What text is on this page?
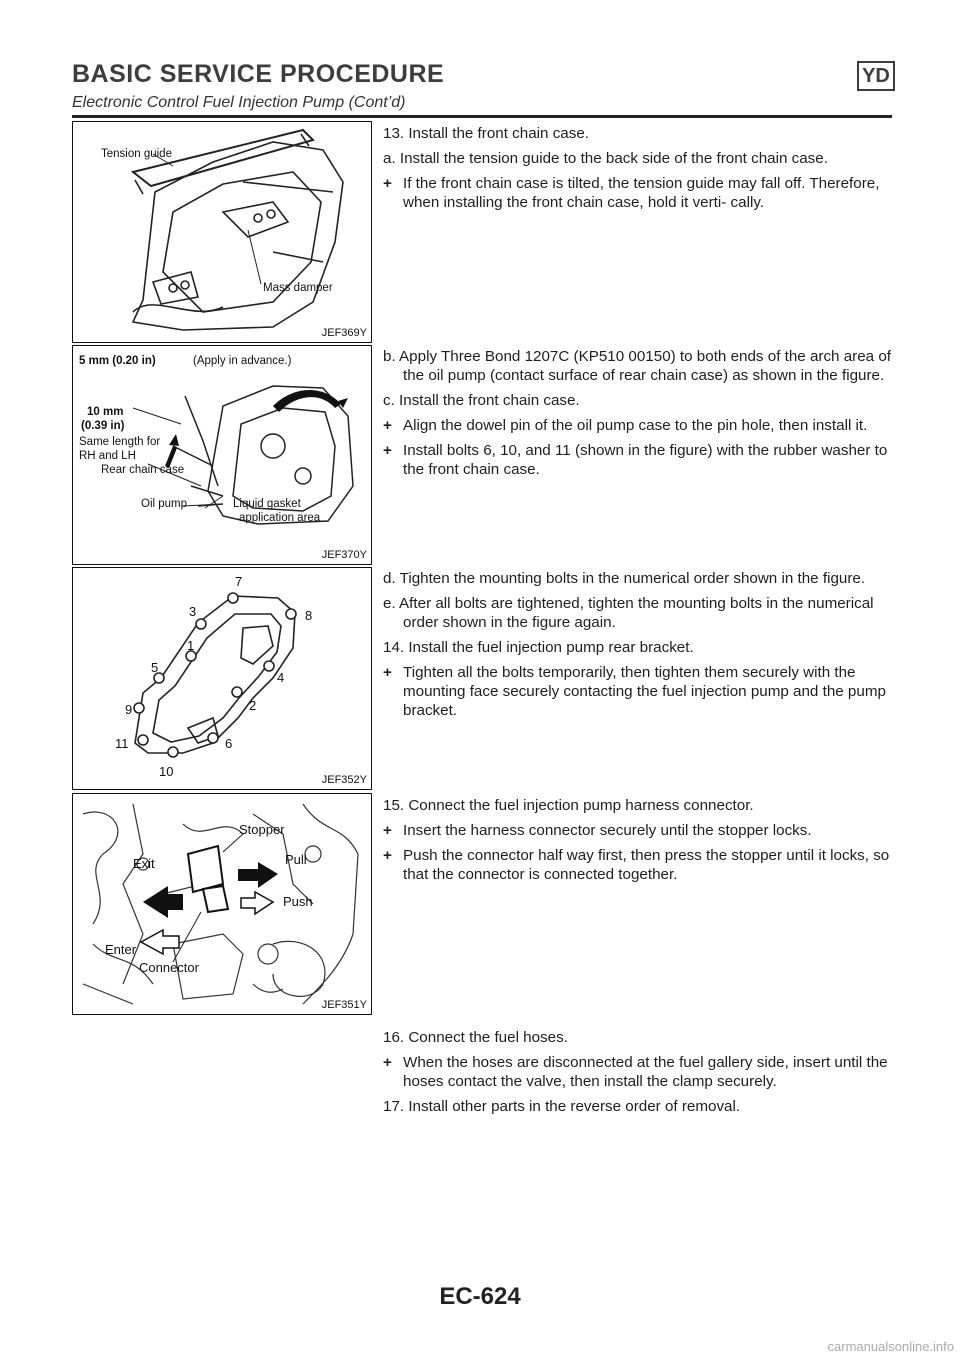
BASIC SERVICE PROCEDURE	YD
Electronic Control Fuel Injection Pump (Cont’d)
Tension guide
Mass damper
JEF369Y
5 mm (0.20 in)	(Apply in advance.)
10 mm
(0.39 in)
Same length for
RH and LH
Rear chain case
Oil pump	Liquid gasket
application area
JEF370Y
7
3	8
5
1
4
9	2
11	6
10
JEF352Y
Stopper
Exit	Pull
Push
Enter
Connector
JEF351Y

13. Install the front chain case.

a. Install the tension guide to the back side of the front chain case.

+ If the front chain case is tilted, the tension guide may fall off. Therefore, when installing the front chain case, hold it verti- cally.

b. Apply Three Bond 1207C (KP510 00150) to both ends of the arch area of the oil pump (contact surface of rear chain case) as shown in the figure.

c. Install the front chain case.

+ Align the dowel pin of the oil pump case to the pin hole, then install it.

+ Install bolts 6, 10, and 11 (shown in the figure) with the rubber washer to the front chain case.

d. Tighten the mounting bolts in the numerical order shown in the figure.

e. After all bolts are tightened, tighten the mounting bolts in the numerical order shown in the figure again.

14. Install the fuel injection pump rear bracket.

+ Tighten all the bolts temporarily, then tighten them securely with the mounting face securely contacting the fuel injection pump and the pump bracket.

15. Connect the fuel injection pump harness connector.

+ Insert the harness connector securely until the stopper locks.

+ Push the connector half way first, then press the stopper until it locks, so that the connector is connected together.

16. Connect the fuel hoses.

+ When the hoses are disconnected at the fuel gallery side, insert until the hoses contact the valve, then install the clamp securely.

17. Install other parts in the reverse order of removal.

EC-624
carmanualsonline.info
